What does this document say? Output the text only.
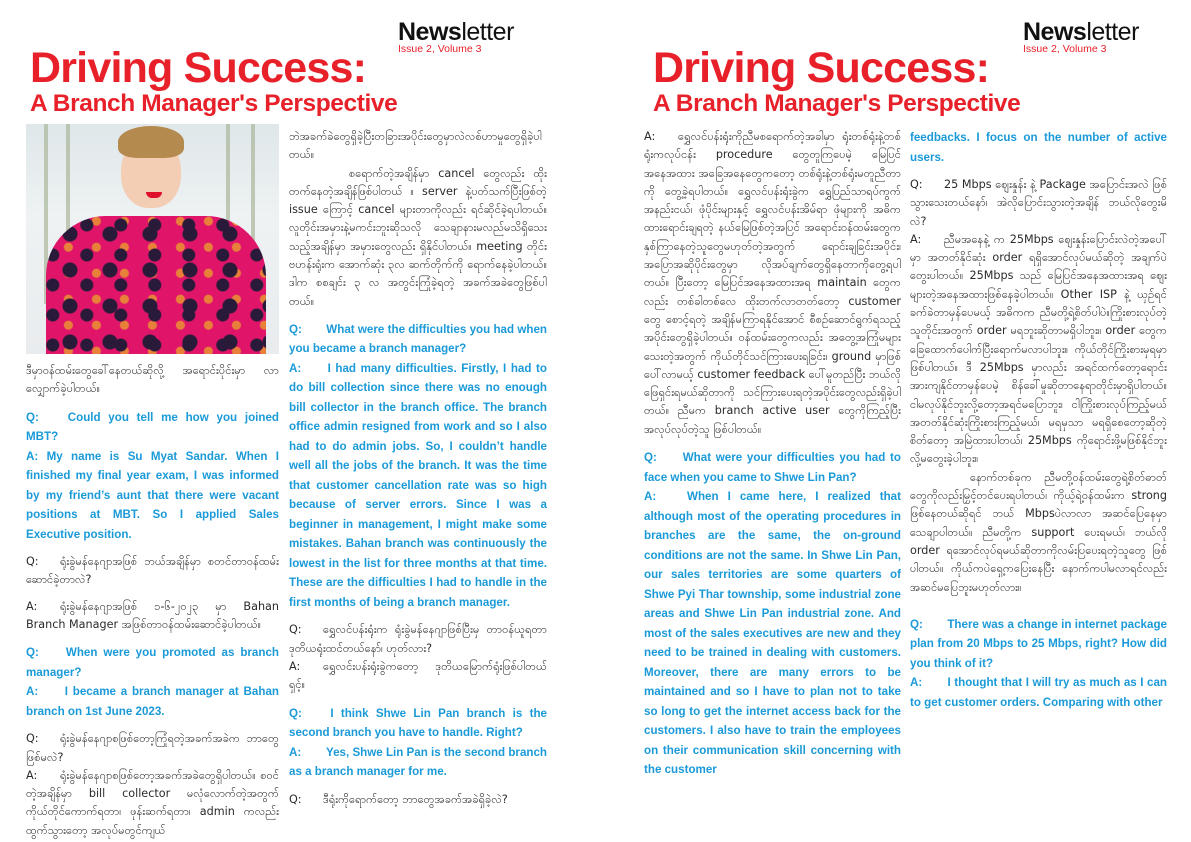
Newsletter
Issue 2, Volume 3
Driving Success:
A Branch Manager's Perspective

ဒီမှာဝန်ထမ်းတွေခေါ်နေတယ်ဆိုလို့ အရောင်းပိုင်းမှာ လာလျှောက်ခဲ့ပါတယ်။

Q: Could you tell me how you joined MBT?
A: My name is Su Myat Sandar. When I finished my final year exam, I was informed by my friend’s aunt that there were vacant positions at MBT. So I applied Sales Executive position.

Q: ရုံးခွဲမန်နေဂျာအဖြစ် ဘယ်အချိန်မှာ စတင်တာဝန်ထမ်းဆောင်ခဲ့တာလဲ?

A: ရုံးခွဲမန်နေဂျာအဖြစ် ၁-၆-၂၀၂၃ မှာ Bahan Branch Manager အဖြစ်တာဝန်ထမ်းဆောင်ခဲ့ပါတယ်။

Q: When were you promoted as branch manager?
A: I became a branch manager at Bahan branch on 1st June 2023.

Q: ရုံးခွဲမန်နေဂျာစဖြစ်တော့ကြုံရတဲ့အခက်အခဲက ဘာတွေဖြစ်မလဲ?

A: ရုံးခွဲမန်နေဂျာစဖြစ်တော့အခက်အခဲတွေရှိပါတယ်။ စဝင်တဲ့အချိန်မှာ bill collector မလုံလောက်တဲ့အတွက် ကိုယ်တိုင်ကောက်ရတာ၊ ဖုန်းဆက်ရတာ၊ admin ကလည်းထွက်သွားတော့ အလုပ်မတွင်ကျယ်

ဘဲအခက်ခဲတွေရှိခဲ့ပြီးတခြားအပိုင်းတွေမှာလဲလစ်ဟာမှုတွေရှိခဲ့ပါတယ်။

စရောက်တဲ့အချိန်မှာ cancel တွေလည်း ထိုးတက်နေတဲ့အချိန်ဖြစ်ပါတယ် ။ server နဲ့ပတ်သက်ပြီးဖြစ်တဲ့ issue ကြောင့် cancel များတာကိုလည်း ရင်ဆိုင်ခဲ့ရပါတယ်။လူတိုင်းအမှားနဲ့မကင်းဘူးဆိုသလို သေချာနားမလည်မသိရှိသေးသည့်အချိန်မှာ အမှားတွေလည်း ရှိနိုင်ပါတယ်။ meeting တိုင်း ဗဟန်းရုံးက အောက်ဆုံး ၃လ ဆက်တိုက်ကို ရောက်နေခဲ့ပါတယ်။ ဒါက စစချင်း ၃ လ အတွင်းကြုံခဲ့ရတဲ့ အခက်အခဲတွေဖြစ်ပါတယ်။

Q: What were the difficulties you had when you became a branch manager?
A: I had many difficulties. Firstly, I had to do bill collection since there was no enough bill collector in the branch office. The branch office admin resigned from work and so I also had to do admin jobs. So, I couldn’t handle well all the jobs of the branch. It was the time that customer cancellation rate was so high because of server errors. Since I was a beginner in management, I might make some mistakes. Bahan branch was continuously the lowest in the list for three months at that time. These are the difficulties I had to handle in the first months of being a branch manager.

Q: ရွှေလင်ပန်းရုံးက ရုံးခွဲမန်နေဂျာဖြစ်ပြီးမှ တာဝန်ယူရတာ ဒုတိယရုံးထင်တယ်နော်၊ ဟုတ်လား?

A: ရွှေလင်းပန်းရုံးခွဲကတော့ ဒုတိယမြောက်ရုံးဖြစ်ပါတယ်ရှင့်။

Q: I think Shwe Lin Pan branch is the second branch you have to handle. Right?
A: Yes, Shwe Lin Pan is the second branch as a branch manager for me.

Q: ဒီရုံးကိုရောက်တော့ ဘာတွေအခက်အခဲရှိခဲ့လဲ?

Newsletter
Issue 2, Volume 3
Driving Success:
A Branch Manager's Perspective

A: ရွှေလင်ပန်းရုံးကိုညီမစရောက်တဲ့အခါမှာ ရုံးတစ်ရုံးနဲ့တစ်ရုံးကလုပ်ငန်း procedure တွေတူကြပေမဲ့ မြေပြင်အနေအထား အခြေအနေတွေကတော့ တစ်ရုံးနဲ့တစ်ရုံးမတူညီတာကို တွေ့ခဲ့ရပါတယ်။ ရွှေလင်ပန်းရုံးခွဲက ရွှေပြည်သာရပ်ကွက်အနည်းငယ်၊ ဖုံပိုင်းများနှင့် ရွှေလင်ပန်းအိမ်ရာ ဖုံများကို အဓိကထားရောင်းချရတဲ့ နယ်မြေဖြစ်တဲ့အပြင် အရောင်းဝန်ထမ်းတွေက နှစ်ကြာနေတဲ့သူတွေမဟုတ်တဲ့အတွက် ရောင်းချခြင်းအပိုင်း၊ အပြောအဆိုပိုင်းတွေမှာ လိုအပ်ချက်တွေရှိနေတာကိုတွေ့ရပါတယ်။ ပြီးတော့ မြေပြင်အနေအထားအရ maintain တွေကလည်း တစ်ခါတစ်လေ ထိုးတက်လာတတ်တော့ customer တွေ စောင့်ရတဲ့ အချိန်မကြာရနိုင်အောင် စီစဉ်ဆောင်ရွက်ရသည့်အပိုင်းတွေရှိခဲ့ပါတယ်။ ဝန်ထမ်းတွေကလည်း အတွေ့အကြုံမများသေးတဲ့အတွက် ကိုယ်တိုင်သင်ကြားပေးရခြင်း၊ ground မှာဖြစ်ပေါ်လာမယ့် customer feedback ပေါ်မူတည်ပြီး ဘယ်လိုဖြေရှင်းရမယ်ဆိုတာကို သင်ကြားပေးရတဲ့အပိုင်းတွေလည်းရှိခဲ့ပါတယ်။ ညီမက branch active user တွေကိုကြည့်ပြီးအလုပ်လုပ်တဲ့သူ ဖြစ်ပါတယ်။

Q: What were your difficulties you had to face when you came to Shwe Lin Pan?
A:	When I came here, I realized that although most of the operating procedures in branches are the same, the on-ground conditions are not the same. In Shwe Lin Pan, our sales territories are some quarters of Shwe Pyi Thar township, some industrial zone areas and Shwe Lin Pan industrial zone. And most of the sales executives are new and they need to be trained in dealing with customers. Moreover, there are many errors to be maintained and so I have to plan not to take so long to get the internet access back for the customers. I also have to train the employees on their communication skill concerning with the customer

feedbacks. I focus on the number of active users.

Q: 25 Mbps ဈေးနှုန်း နဲ့ Package အပြောင်းအလဲ ဖြစ်သွားသေးတယ်နော်၊ အဲလိုပြောင်းသွားတဲ့အချိန် ဘယ်လိုတွေးမိလဲ?

A: ညီမအနေနဲ့ က 25Mbps ဈေးနှုန်းပြောင်းလဲတဲ့အပေါ်မှာ အတတ်နိုင်ဆုံး order ရရှိအောင်လုပ်မယ်ဆိုတဲ့ အချက်ပဲတွေးပါတယ်။ 25Mbps သည် မြေပြင်အနေအထားအရ ဈေးများတဲ့အနေအထားဖြစ်နေခဲ့ပါတယ်။ Other ISP နဲ့ ယှဉ်ရင်ခက်ခဲတာမှန်ပေမယ့် အဓိကက ညီမတို့ရဲ့စိတ်ပါပဲ။ကြိုးစားလုပ်တဲ့သူတိုင်းအတွက် order မရဘူးဆိုတာမရှိပါဘူး။ order တွေက ခြေထောက်ပေါက်ပြီးရောက်မလာပါဘူး။ ကိုယ်တိုင်ကြိုးစားမှရမှာဖြစ်ပါတယ်။ ဒီ 25Mbps မှာလည်း အရင်ထက်တော့ရောင်းအားကျနိုင်တာမှန်ပေမဲ့ စိန်ခေါ်မှုဆိုတာနေရာတိုင်းမှာရှိပါတယ်။ ငါမလုပ်နိုင်ဘူးလို့တော့အရင်မပြောဘူး၊ ငါကြိုးစားလုပ်ကြည့်မယ် အတတ်နိုင်ဆုံးကြိုးစားကြည့်မယ်၊ မရမှသာ မရရှိစေတော့ဆိုတဲ့စိတ်တော့ အမြဲထားပါတယ်၊ 25Mbps ကိုရောင်းဖို့မဖြစ်နိုင်ဘူးလို့မတွေးခဲ့ပါဘူး။

နောက်တစ်ခုက ညီမတို့ဝန်ထမ်းတွေရဲ့စိတ်ဓာတ်တွေကိုလည်းမြှင့်တင်ပေးရပါတယ်၊ ကိုယ့်ရဲ့ဝန်ထမ်းက strong ဖြစ်နေတယ်ဆိုရင် ဘယ် Mbpsပဲလာလာ အဆင်ပြေနေမှာသေချာပါတယ်။ ညီမတို့က support ပေးရမယ်၊ ဘယ်လို order ရအောင်လုပ်ရမယ်ဆိုတာကိုလမ်းပြပေးရတဲ့သူတွေ ဖြစ်ပါတယ်။ ကိုယ်ကပဲရှေ့ကပြေးနေပြီး နောက်ကပါမလာရင်လည်းအဆင်မပြေဘူးမဟုတ်လား။

Q: There was a change in internet package plan from 20 Mbps to 25 Mbps, right? How did you think of it?
A: I thought that I will try as much as I can to get customer orders. Comparing with other
